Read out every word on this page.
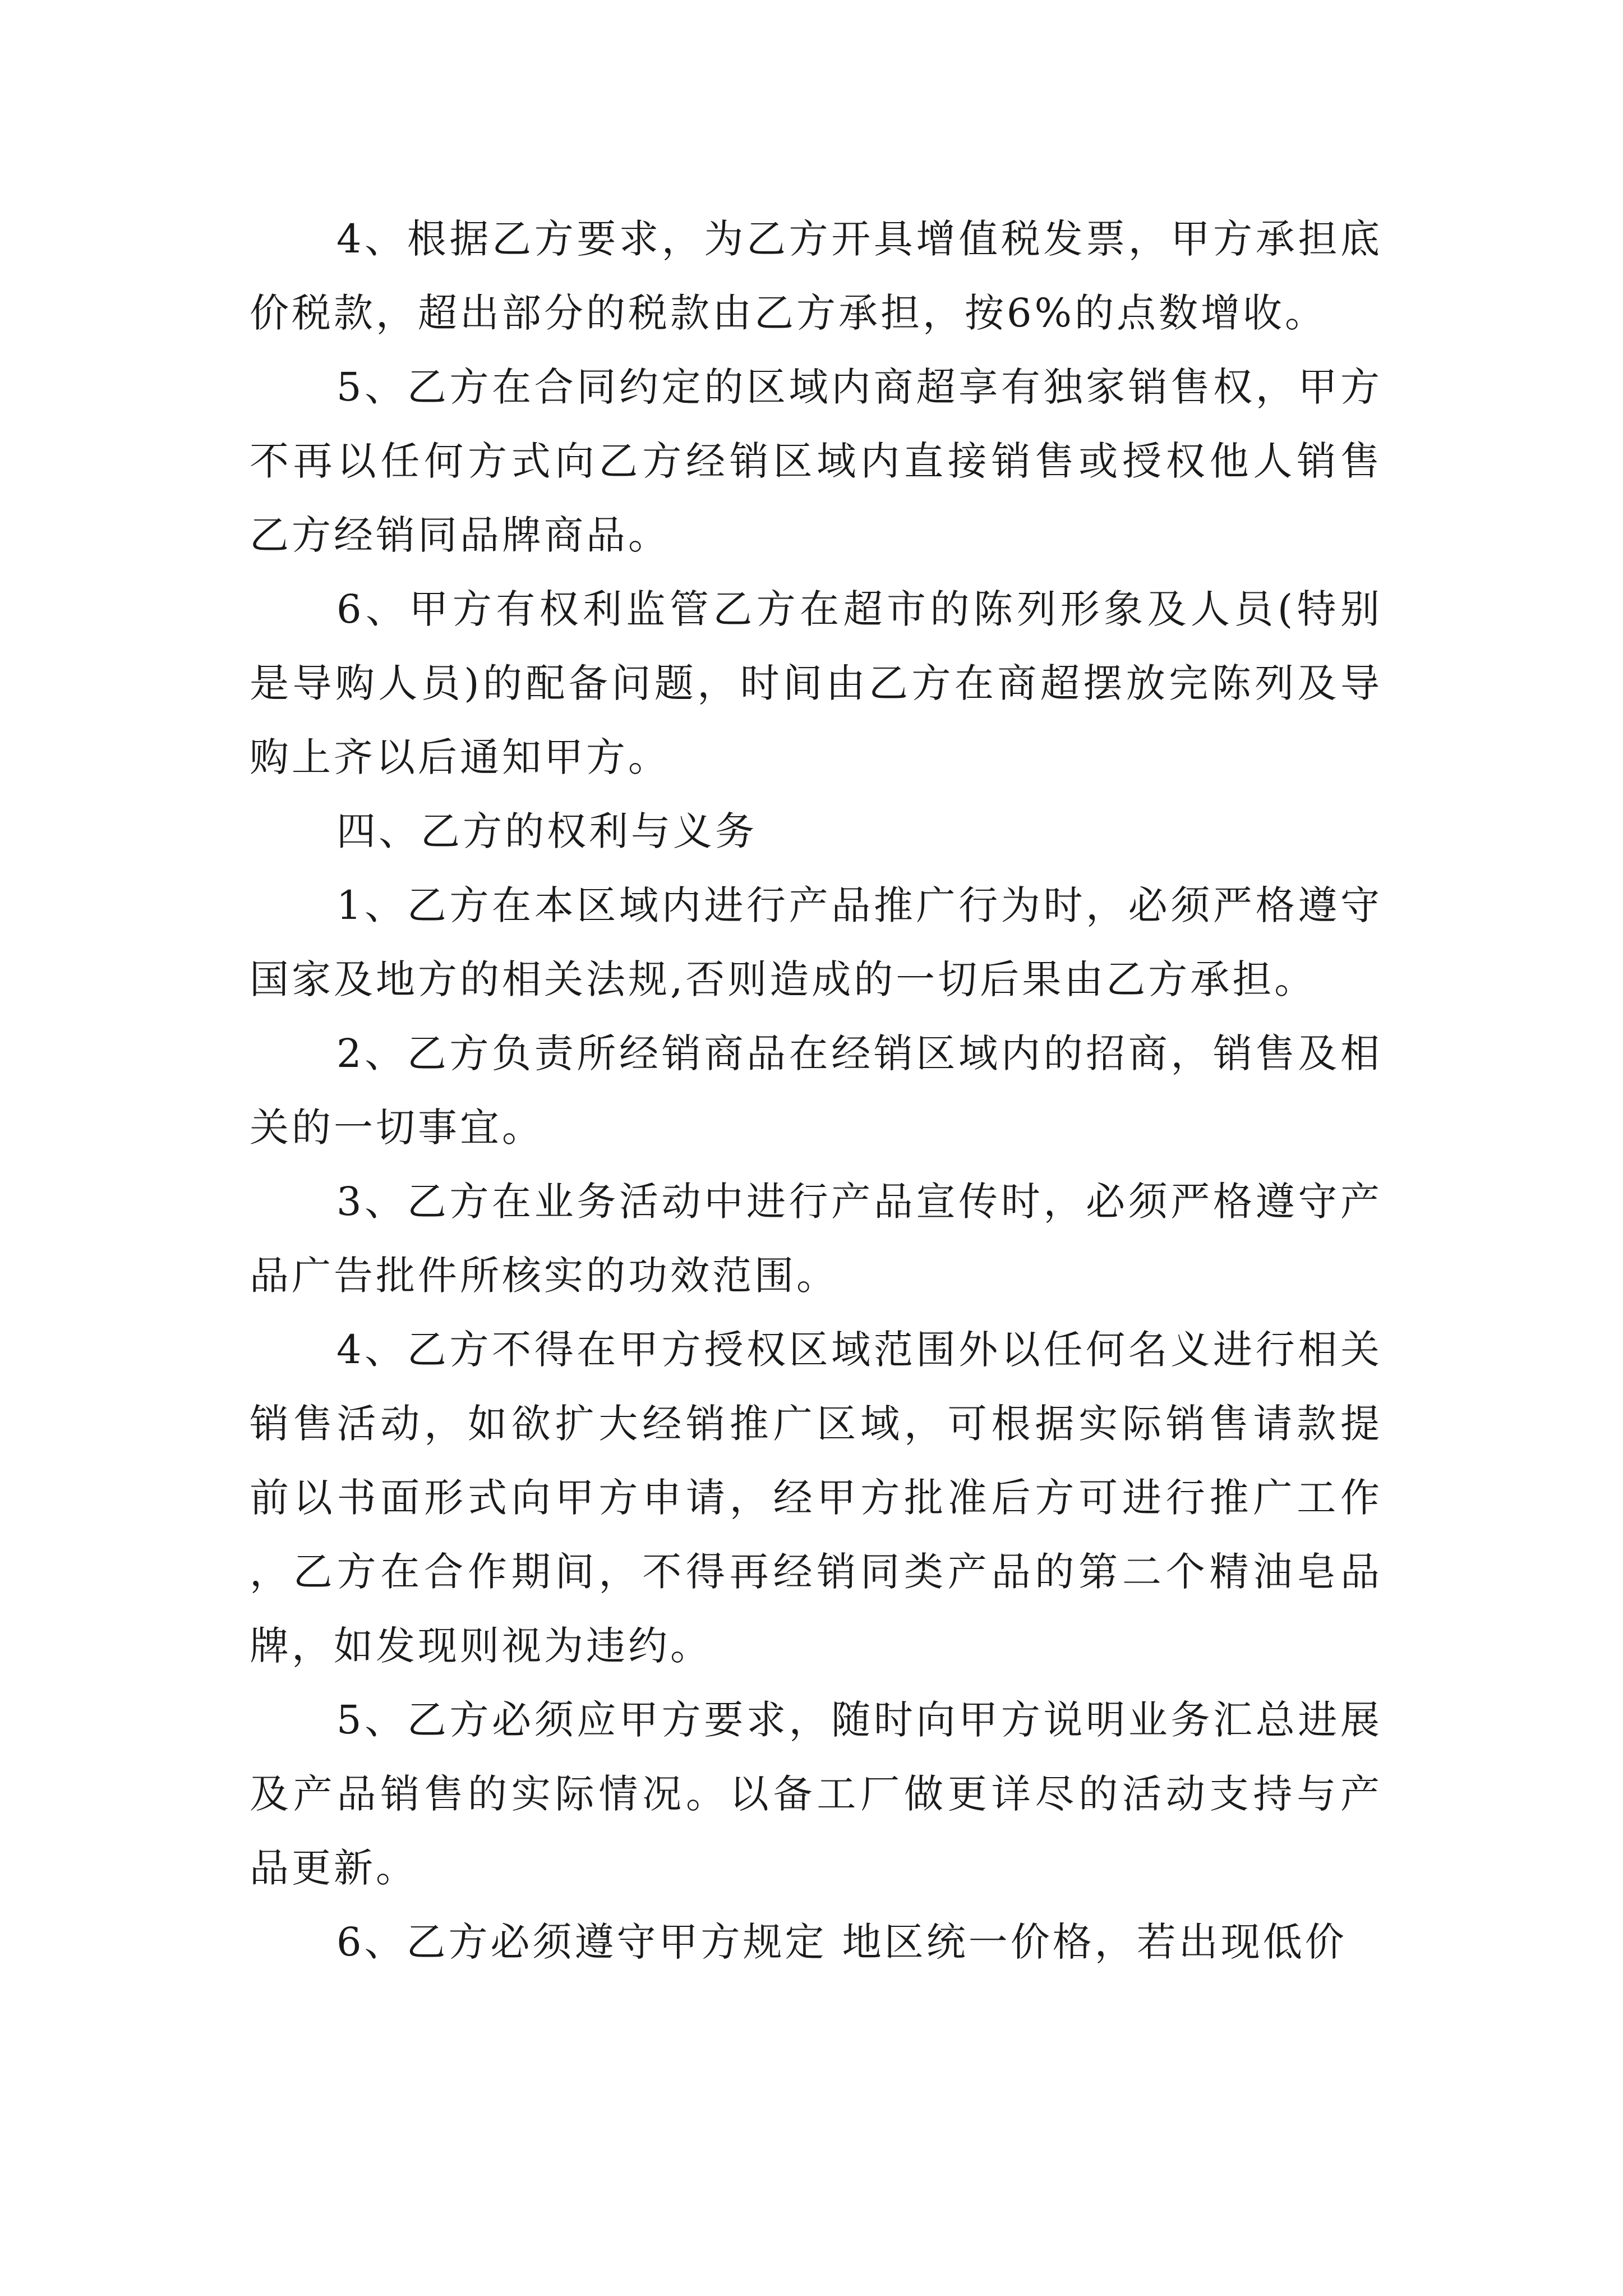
4、根据乙方要求，为乙方开具增值税发票，甲方承担底价税款，超出部分的税款由乙方承担，按6%的点数增收。

5、乙方在合同约定的区域内商超享有独家销售权，甲方不再以任何方式向乙方经销区域内直接销售或授权他人销售乙方经销同品牌商品。

6、甲方有权利监管乙方在超市的陈列形象及人员(特别是导购人员)的配备问题，时间由乙方在商超摆放完陈列及导购上齐以后通知甲方。

四、乙方的权利与义务

1、乙方在本区域内进行产品推广行为时，必须严格遵守国家及地方的相关法规,否则造成的一切后果由乙方承担。

2、乙方负责所经销商品在经销区域内的招商，销售及相关的一切事宜。

3、乙方在业务活动中进行产品宣传时，必须严格遵守产品广告批件所核实的功效范围。

4、乙方不得在甲方授权区域范围外以任何名义进行相关销售活动，如欲扩大经销推广区域，可根据实际销售请款提前以书面形式向甲方申请，经甲方批准后方可进行推广工作，乙方在合作期间，不得再经销同类产品的第二个精油皂品牌，如发现则视为违约。

5、乙方必须应甲方要求，随时向甲方说明业务汇总进展及产品销售的实际情况。以备工厂做更详尽的活动支持与产品更新。

6、乙方必须遵守甲方规定 地区统一价格，若出现低价
